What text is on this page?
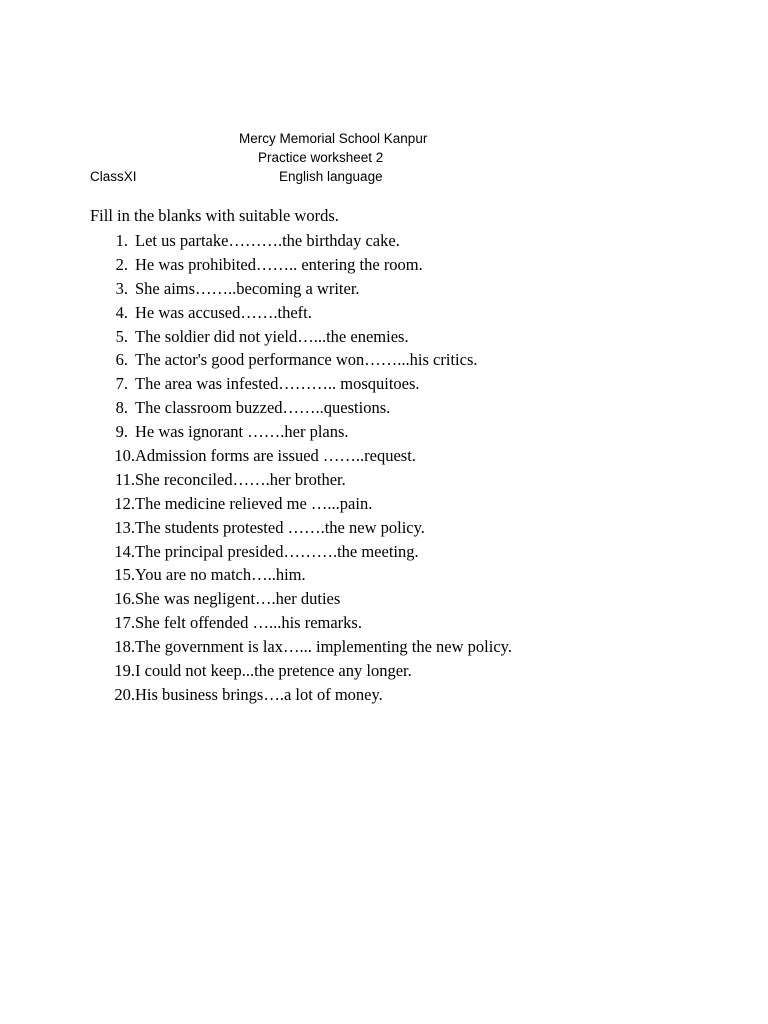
Mercy Memorial School Kanpur
Practice worksheet 2
ClassXI	English language
Fill in the blanks with suitable words.
1. Let us partake……….the birthday cake.
2. He was prohibited…….. entering the room.
3. She aims……..becoming a writer.
4. He was accused…….theft.
5. The soldier did not yield…...the enemies.
6. The actor's good performance won……...his critics.
7. The area was infested……….. mosquitoes.
8. The classroom buzzed……..questions.
9. He was ignorant …….her plans.
10. Admission forms are issued ……..request.
11. She reconciled…….her brother.
12. The medicine relieved me …...pain.
13. The students protested …….the new policy.
14. The principal presided……….the meeting.
15. You are no match…..him.
16. She was negligent….her duties
17. She felt offended …...his remarks.
18. The government is lax…... implementing the new policy.
19. I could not keep...the pretence any longer.
20. His business brings….a lot of money.
